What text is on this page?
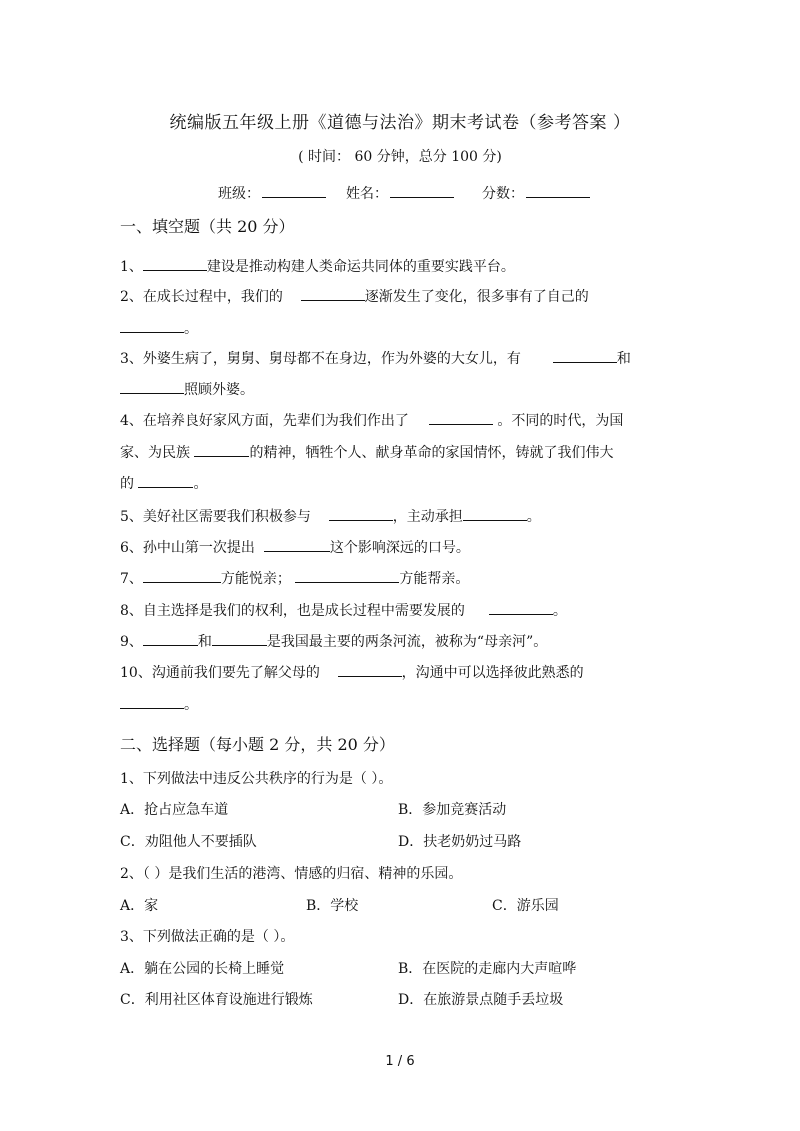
统编版五年级上册《道德与法治》期末考试卷（参考答案 ）
( 时间： 60 分钟，总分 100 分)
班级：	姓名：	分数：
一、填空题（共 20 分）
1、	建设是推动构建人类命运共同体的重要实践平台。
2、在成长过程中，我们的	逐渐发生了变化，很多事有了自己的
。
3、外婆生病了，舅舅、舅母都不在身边，作为外婆的大女儿，有	和
照顾外婆。
4、在培养良好家风方面，先辈们为我们作出了	。不同的时代，为国
家、为民族	的精神，牺牲个人、献身革命的家国情怀，铸就了我们伟大
的	。
5、美好社区需要我们积极参与	，主动承担	。
6、孙中山第一次提出	这个影响深远的口号。
7、	方能悦亲；	方能帮亲。
8、自主选择是我们的权利，也是成长过程中需要发展的	。
9、	和	是我国最主要的两条河流，被称为“母亲河”。
10、沟通前我们要先了解父母的	，沟通中可以选择彼此熟悉的
。
二、选择题（每小题 2 分，共 20 分）
1、下列做法中违反公共秩序的行为是（ ）。
A．抢占应急车道	B．参加竞赛活动
C．劝阻他人不要插队	D．扶老奶奶过马路
2、（ ）是我们生活的港湾、情感的归宿、精神的乐园。
A．家	B．学校	C．游乐园
3、下列做法正确的是（ ）。
A．躺在公园的长椅上睡觉	B．在医院的走廊内大声喧哗
C．利用社区体育设施进行锻炼	D．在旅游景点随手丢垃圾
1 / 6
